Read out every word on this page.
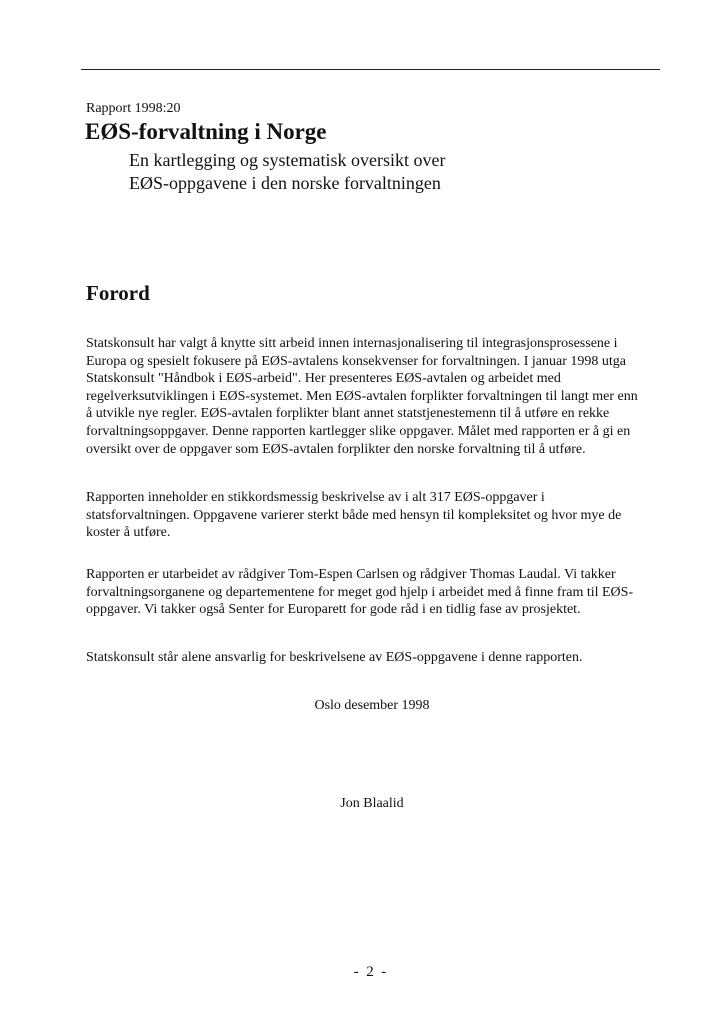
Rapport 1998:20
EØS-forvaltning i Norge
En kartlegging og systematisk oversikt over
EØS-oppgavene i den norske forvaltningen
Forord
Statskonsult har valgt å knytte sitt arbeid innen internasjonalisering til integrasjonsprosessene i
Europa og spesielt fokusere på EØS-avtalens konsekvenser for forvaltningen. I januar 1998 utga
Statskonsult "Håndbok i EØS-arbeid". Her presenteres EØS-avtalen og arbeidet med
regelverksutviklingen i EØS-systemet. Men EØS-avtalen forplikter forvaltningen til langt mer enn
å utvikle nye regler. EØS-avtalen forplikter blant annet statstjenestemenn til å utføre en rekke
forvaltningsoppgaver. Denne rapporten kartlegger slike oppgaver. Målet med rapporten er å gi en
oversikt over de oppgaver som EØS-avtalen forplikter den norske forvaltning til å utføre.
Rapporten inneholder en stikkordsmessig beskrivelse av i alt 317 EØS-oppgaver i
statsforvaltningen. Oppgavene varierer sterkt både med hensyn til kompleksitet og hvor mye de
koster å utføre.
Rapporten er utarbeidet av rådgiver Tom-Espen Carlsen og rådgiver Thomas Laudal. Vi takker
forvaltningsorganene og departementene for meget god hjelp i arbeidet med å finne fram til EØS-
oppgaver. Vi takker også Senter for Europarett for gode råd i en tidlig fase av prosjektet.
Statskonsult står alene ansvarlig for beskrivelsene av EØS-oppgavene i denne rapporten.
Oslo desember 1998
Jon Blaalid
-  2  -
